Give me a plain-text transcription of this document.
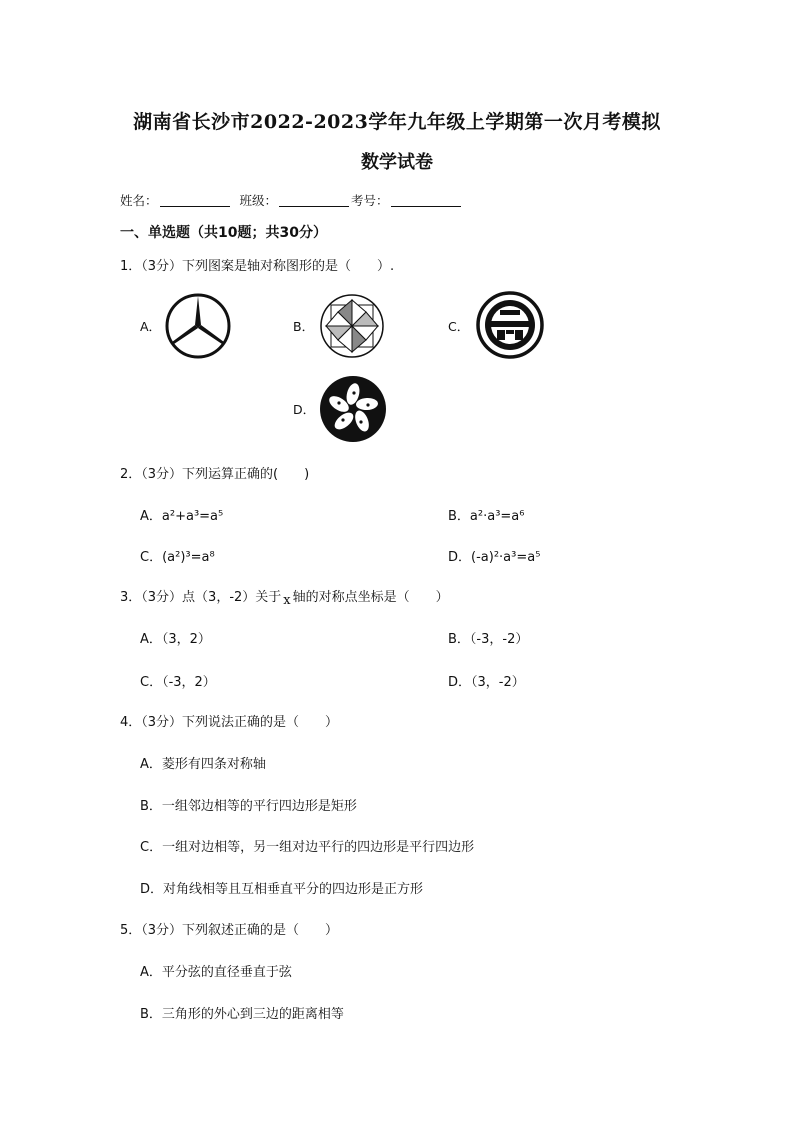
湖南省长沙市2022-2023学年九年级上学期第一次月考模拟
数学试卷
姓名：	班级：	考号：
一、单选题（共10题；共30分）
1．（3分）下列图案是轴对称图形的是（　　）.
A．	B．	C．
D．
2．（3分）下列运算正确的(　　)
A．a²+a³=a⁵	B．a²·a³=a⁶
C．(a²)³=a⁸	D．(-a)²·a³=a⁵
3．（3分）点（3，-2）关于 x 轴的对称点坐标是（　　）
A．（3，2）	B．（-3，-2）
C．（-3，2）	D．（3，-2）
4．（3分）下列说法正确的是（　　）
A．菱形有四条对称轴
B．一组邻边相等的平行四边形是矩形
C．一组对边相等，另一组对边平行的四边形是平行四边形
D．对角线相等且互相垂直平分的四边形是正方形
5．（3分）下列叙述正确的是（　　）
A．平分弦的直径垂直于弦
B．三角形的外心到三边的距离相等
